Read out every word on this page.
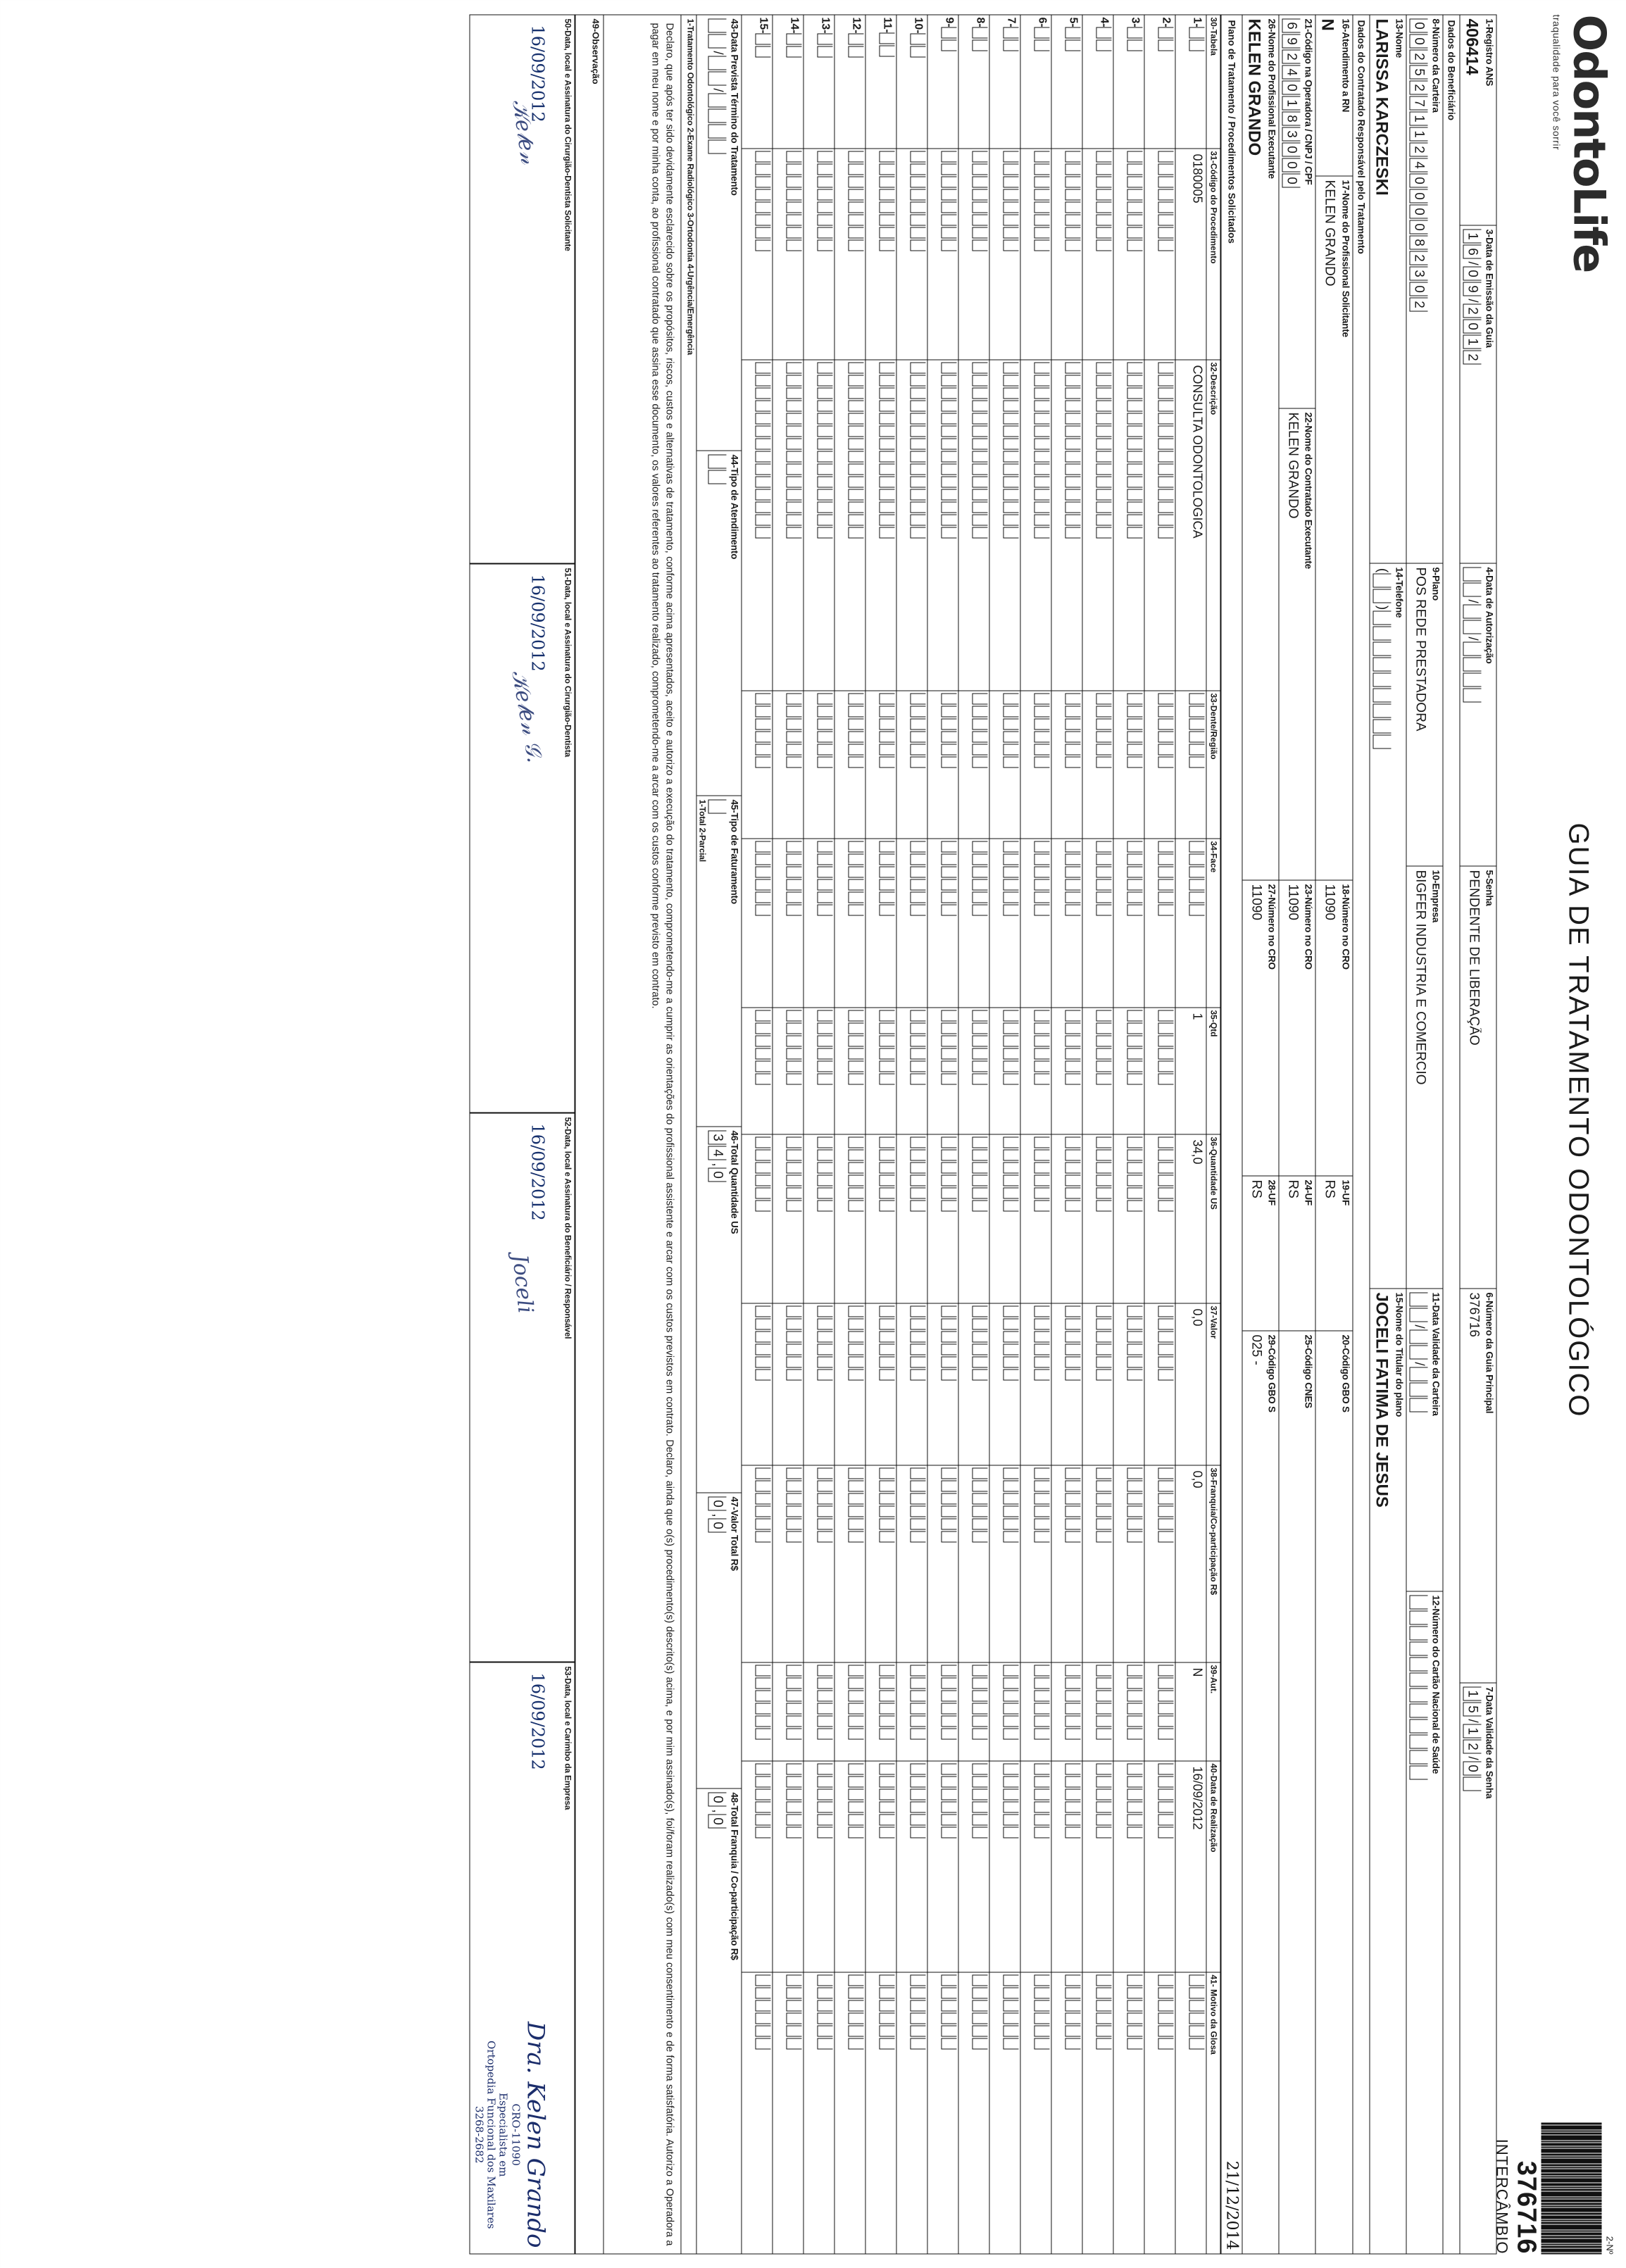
OdontoLife
traqualidade para você sorrir
GUIA DE TRATAMENTO ODONTOLÓGICO
2-Nº
376716
INTERCÂMBIO
1-Registro ANS
406414
3-Data de Emissão da Guia
1
6
/
0
9
/
2
0
1
2
4-Data de Autorização
/
/
5-Senha
PENDENTE DE LIBERAÇÃO
6-Número da Guia Principal
376716
7-Data Validade da Senha
1
5
/
1
2
/
0
Dados do Beneficiário
8-Número da Carteira
0
0
2
5
2
7
1
1
2
4
0
0
0
0
8
2
3
0
2
9-Plano
POS REDE PRESTADORA
10-Empresa
BIGFER INDUSTRIA E COMERCIO
11-Data Validade da Carteira
/
/
12-Número do Cartão Nacional de Saúde
13-Nome
LARISSA KARCZESKI
14-Telefone
(
)
15-Nome do Titular do plano
JOCELI FATIMA DE JESUS
Dados do Contratado Responsável pelo Tratamento
16-Atendimento a RN
N
17-Nome do Profissional Solicitante
KELEN GRANDO
18-Número no CRO
11090
19-UF
RS
20-Código GBO S
21-Código na Operadora / CNPJ / CPF
6
9
2
4
0
1
8
3
0
0
0
22-Nome do Contratado Executante
KELEN GRANDO
23-Número no CRO
11090
24-UF
RS
25-Código CNES
26-Nome do Profissional Executante
KELEN GRANDO
27-Número no CRO
11090
28-UF
RS
29-Código GBO S
025 -
Plano de Tratamento / Procedimentos Solicitados
21/12/2014
30-Tabela	31-Código do Procedimento	32-Descrição	33-Dente/Região	34-Face	35-Qtd	36-Quantidade US	37-Valor	38-Franquia/Co-participação R$	39-Aut.	40-Data de Realização	41- Motivo da Glosa

1-	0180005	CONSULTA ODONTOLOGICA			1	34,0	0,0	0,0	N	16/09/2012	

2-											

3-											

4-											

5-											

6-											

7-											

8-											

9-											

10-											

11-											

12-											

13-											

14-											

15-											

43-Data Prevista Término do Tratamento
/
/
44-Tipo de Atendimento
45-Tipo de Faturamento
1-Total 2-Parcial
46-Total Quantidade US
3
4
,
0
47-Valor Total R$
0
,
0
48-Total Franquia / Co-participação R$
0
,
0
1-Tratamento Odontológico 2-Exame Radiológico 3-Ortodontia 4-Urgência/Emergência
Declaro, que após ter sido devidamente esclarecido sobre os propósitos, riscos, custos e alternativas de tratamento, conforme acima apresentados, aceito e autorizo a execução do tratamento, comprometendo-me a cumprir as orientações do profissional assistente e arcar com os custos previstos em contrato. Declaro, ainda que o(s) procedimento(s) descrito(s) acima, e por mim assinado(s), foi/foram realizado(s) com meu consentimento e de forma satisfatória. Autorizo a Operadora a pagar em meu nome e por minha conta, ao profissional contratado que assina esse documento, os valores referentes ao tratamento realizado, comprometendo-me a arcar com os custos conforme previsto em contrato.
49-Observação
50-Data, local e Assinatura do Cirurgião-Dentista Solicitante
16/09/2012
𝒦𝑒𝓁𝑒𝓃
51-Data, local e Assinatura do Cirurgião-Dentista
16/09/2012
𝒦𝑒𝓁𝑒𝓃 𝒢.
52-Data, local e Assinatura do Beneficiário / Responsável
16/09/2012
Joceli
53-Data, local e Carimbo da Empresa
16/09/2012
Dra. Kelen Grando
CRO-11090
Especialista em
Ortopedia Funcional dos Maxilares
3268-2682
